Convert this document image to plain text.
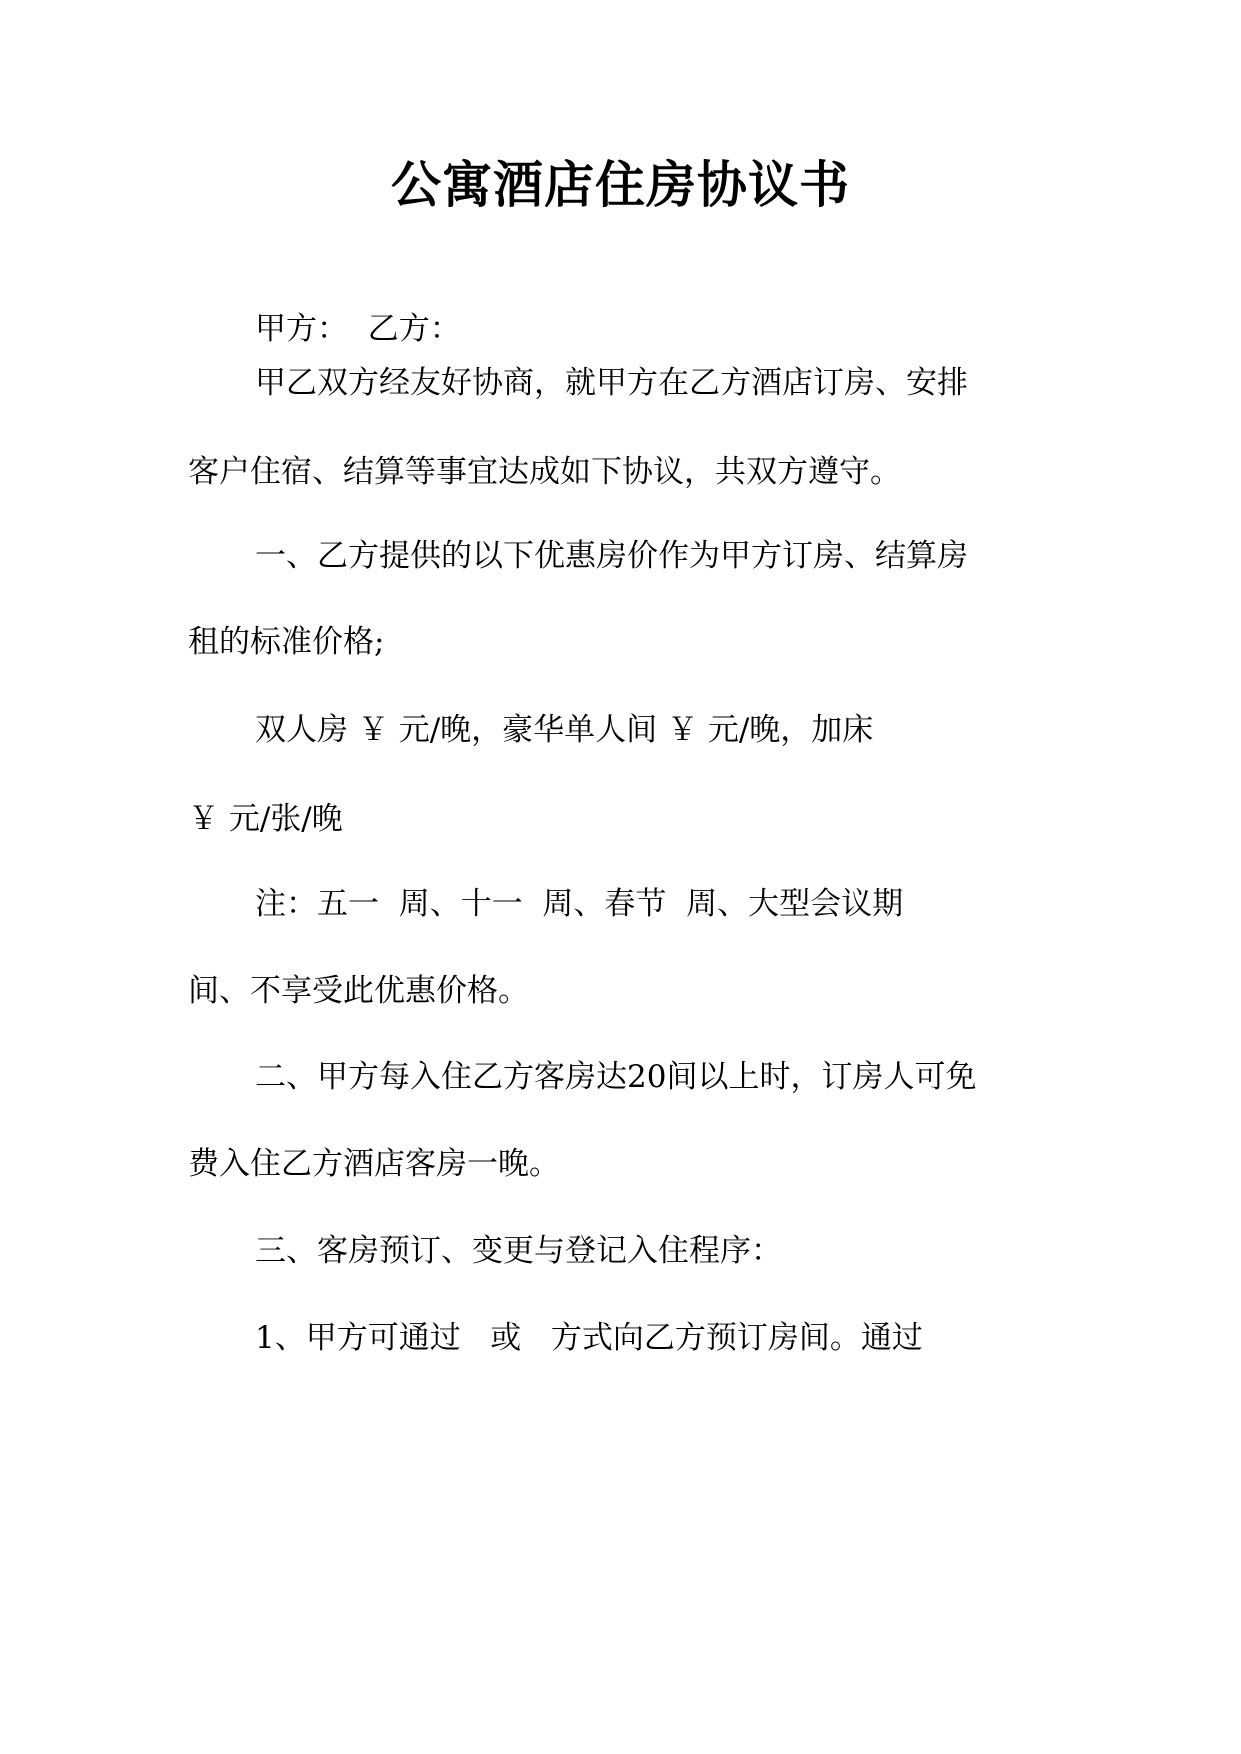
公寓酒店住房协议书

甲方：  乙方：

甲乙双方经友好协商，就甲方在乙方酒店订房、安排

客户住宿、结算等事宜达成如下协议，共双方遵守。

一、乙方提供的以下优惠房价作为甲方订房、结算房

租的标准价格;

双人房 ￥ 元/晚，豪华单人间 ￥ 元/晚，加床

￥ 元/张/晚

注：五一  周、十一  周、春节  周、大型会议期

间、不享受此优惠价格。

二、甲方每入住乙方客房达20间以上时，订房人可免

费入住乙方酒店客房一晚。

三、客房预订、变更与登记入住程序：

1、甲方可通过   或   方式向乙方预订房间。通过
